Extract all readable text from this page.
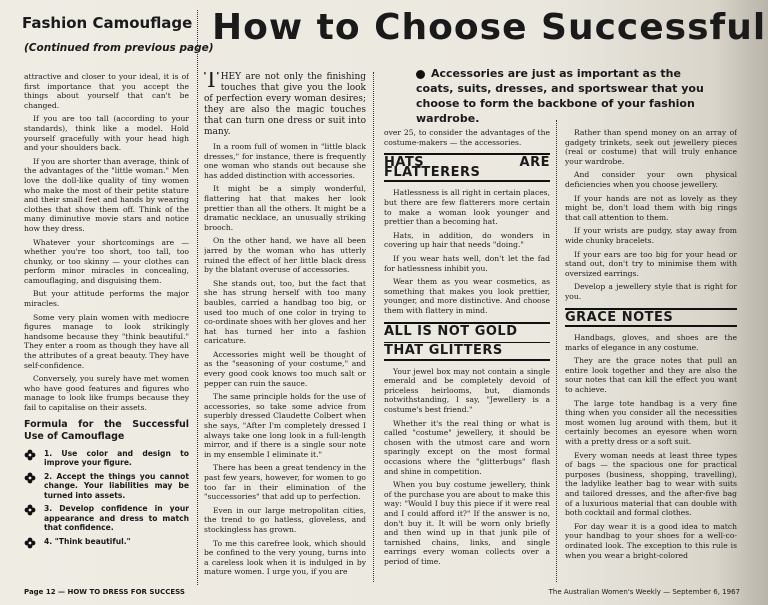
Fashion Camouflage
(Continued from previous page)
How to Choose Successful
Accessories are just as important as the coats, suits, dresses, and sportswear that you choose to form the backbone of your fashion wardrobe.

attractive and closer to your ideal, it is of first importance that you accept the things about yourself that can't be changed.

If you are too tall (according to your standards), think like a model. Hold yourself gracefully with your head high and your shoulders back.

If you are shorter than average, think of the advantages of the "little woman." Men love the doll-like quality of tiny women who make the most of their petite stature and their small feet and hands by wearing clothes that show them off. Think of the many diminutive movie stars and notice how they dress.

Whatever your shortcomings are — whether you're too short, too tall, too chunky, or too skinny — your clothes can perform minor miracles in concealing, camouflaging, and disguising them.

But your attitude performs the major miracles.

Some very plain women with mediocre figures manage to look strikingly handsome because they "think beautiful." They enter a room as though they have all the attributes of a great beauty. They have self-confidence.

Conversely, you surely have met women who have good features and figures who manage to look like frumps because they fail to capitalise on their assets.

Formula for the Successful Use of Camouflage
1. Use color and design to improve your figure.
2. Accept the things you cannot change. Your liabilities may be turned into assets.
3. Develop confidence in your appearance and dress to match that confidence.
4. "Think beautiful."

THEY are not only the finishing touches that give you the look of perfection every woman desires; they are also the magic touches that can turn one dress or suit into many.

In a room full of women in "little black dresses," for instance, there is frequently one woman who stands out because she has added distinction with accessories.

It might be a simply wonderful, flattering hat that makes her look prettier than all the others. It might be a dramatic necklace, an unusually striking brooch.

On the other hand, we have all been jarred by the woman who has utterly ruined the effect of her little black dress by the blatant overuse of accessories.

She stands out, too, but the fact that she has strung herself with too many baubles, carried a handbag too big, or used too much of one color in trying to co-ordinate shoes with her gloves and her hat has turned her into a fashion caricature.

Accessories might well be thought of as the "seasoning of your costume," and every good cook knows too much salt or pepper can ruin the sauce.

The same principle holds for the use of accessories, so take some advice from superbly dressed Claudette Colbert when she says, "After I'm completely dressed I always take one long look in a full-length mirror, and if there is a single sour note in my ensemble I eliminate it."

There has been a great tendency in the past few years, however, for women to go too far in their elimination of the "successories" that add up to perfection.

Even in our large metropolitan cities, the trend to go hatless, gloveless, and stockingless has grown.

To me this carefree look, which should be confined to the very young, turns into a careless look when it is indulged in by mature women. I urge you, if you are

over 25, to consider the advantages of the costume-makers — the accessories.

HATS ARE FLATTERERS

Hatlessness is all right in certain places, but there are few flatterers more certain to make a woman look younger and prettier than a becoming hat.

Hats, in addition, do wonders in covering up hair that needs "doing."

If you wear hats well, don't let the fad for hatlessness inhibit you.

Wear them as you wear cosmetics, as something that makes you look prettier, younger, and more distinctive. And choose them with flattery in mind.

ALL IS NOT GOLD
THAT GLITTERS

Your jewel box may not contain a single emerald and be completely devoid of priceless heirlooms, but, diamonds notwithstanding, I say, "Jewellery is a costume's best friend."

Whether it's the real thing or what is called "costume" jewellery, it should be chosen with the utmost care and worn sparingly except on the most formal occasions where the "glitterbugs" flash and shine in competition.

When you buy costume jewellery, think of the purchase you are about to make this way: "Would I buy this piece if it were real and I could afford it?" If the answer is no, don't buy it. It will be worn only briefly and then wind up in that junk pile of tarnished chains, links, and single earrings every woman collects over a period of time.

Rather than spend money on an array of gadgety trinkets, seek out jewellery pieces (real or costume) that will truly enhance your wardrobe.

And consider your own physical deficiencies when you choose jewellery.

If your hands are not as lovely as they might be, don't load them with big rings that call attention to them.

If your wrists are pudgy, stay away from wide chunky bracelets.

If your ears are too big for your head or stand out, don't try to minimise them with oversized earrings.

Develop a jewellery style that is right for you.

GRACE NOTES

Handbags, gloves, and shoes are the marks of elegance in any costume.

They are the grace notes that pull an entire look together and they are also the sour notes that can kill the effect you want to achieve.

The large tote handbag is a very fine thing when you consider all the necessities most women lug around with them, but it certainly becomes an eyesore when worn with a pretty dress or a soft suit.

Every woman needs at least three types of bags — the spacious one for practical purposes (business, shopping, travelling), the ladylike leather bag to wear with suits and tailored dresses, and the after-five bag of a luxurious material that can double with both cocktail and formal clothes.

For day wear it is a good idea to match your handbag to your shoes for a well-co-ordinated look. The exception to this rule is when you wear a bright-colored

Page 12 — HOW TO DRESS FOR SUCCESS	The Australian Women's Weekly — September 6, 1967
